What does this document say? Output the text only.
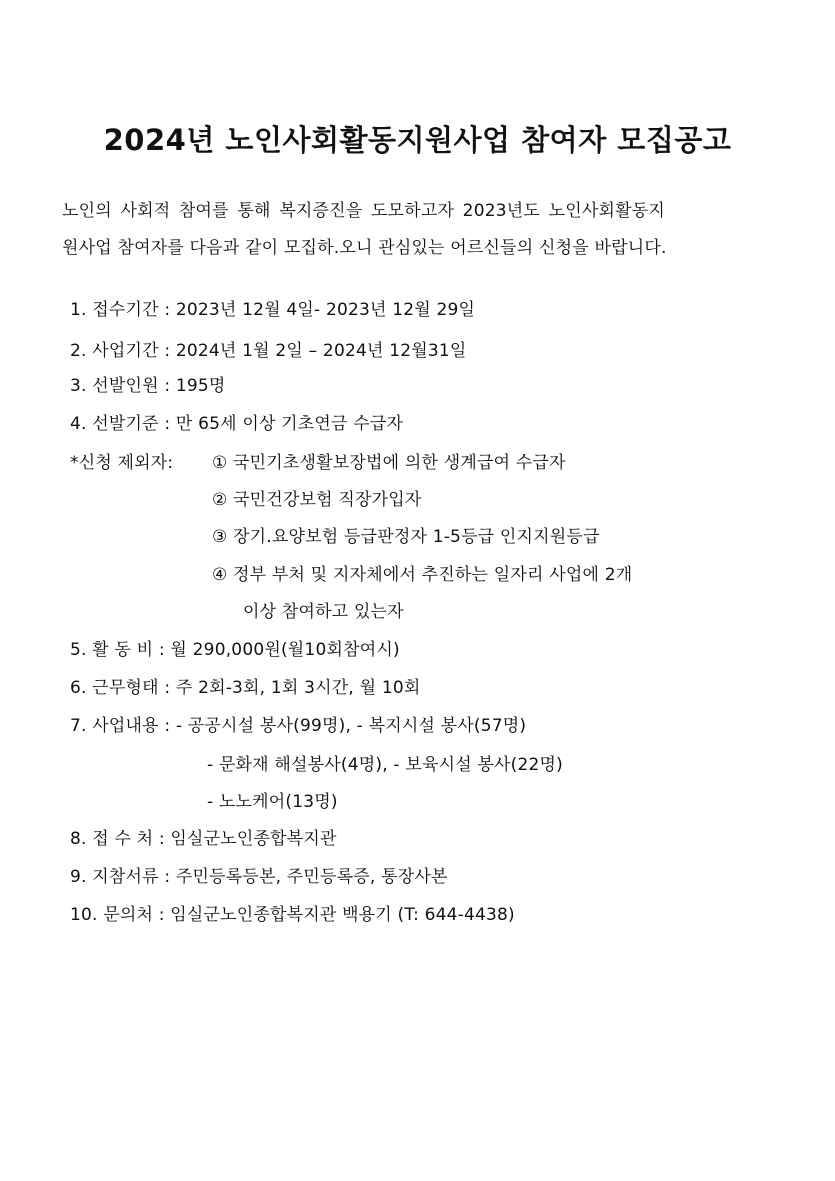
2024년 노인사회활동지원사업 참여자 모집공고
노인의 사회적 참여를 통해 복지증진을 도모하고자 2023년도 노인사회활동지
원사업 참여자를 다음과 같이 모집하.오니 관심있는 어르신들의 신청을 바랍니다.
1. 접수기간 : 2023년 12월 4일- 2023년 12월 29일
2. 사업기간 : 2024년 1월 2일 – 2024년 12월31일
3. 선발인원 : 195명
4. 선발기준 : 만 65세 이상 기초연금 수급자
*신청 제외자: ① 국민기초생활보장법에 의한 생계급여 수급자
② 국민건강보험 직장가입자
③ 장기.요양보험 등급판정자 1-5등급 인지지원등급
④ 정부 부처 및 지자체에서 추진하는 일자리 사업에 2개
이상 참여하고 있는자
5. 활 동 비 : 월 290,000원(월10회참여시)
6. 근무형태 : 주 2회-3회, 1회 3시간, 월 10회
7. 사업내용 : - 공공시설 봉사(99명), - 복지시설 봉사(57명)
- 문화재 해설봉사(4명), - 보육시설 봉사(22명)
- 노노케어(13명)
8. 접 수 처 : 임실군노인종합복지관
9. 지참서류 : 주민등록등본, 주민등록증, 통장사본
10. 문의처 : 임실군노인종합복지관 백용기 (T: 644-4438)
